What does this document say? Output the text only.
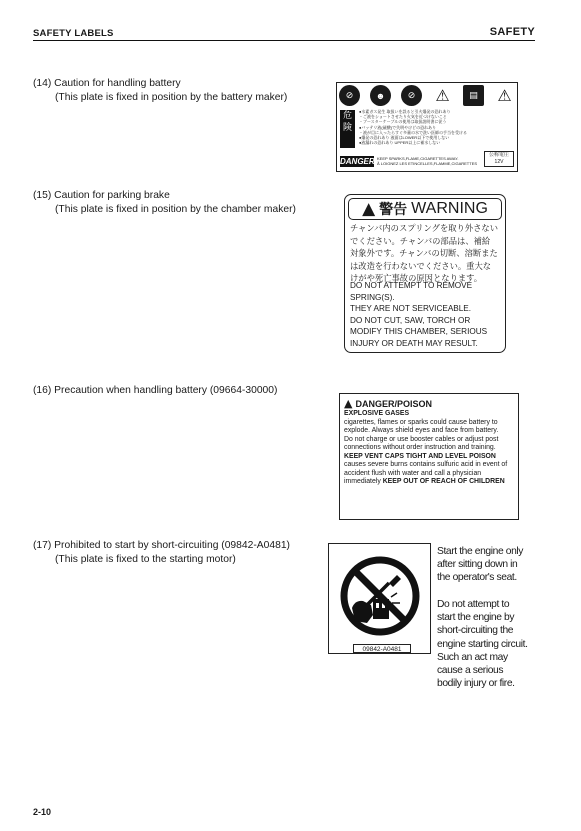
SAFETY LABELS	SAFETY
(14) Caution for handling battery
(This plate is fixed in position by the battery maker)	⊘	☻	⊘	⚠	▤	⚠
危険
●水素ガス発生 取扱いを誤ると引火爆発の恐れあり
・ご液をショートさせたり火気を近づけないこと
・ブースターケーブルの使用は取扱説明書に従う
●バッテリ液(硫酸)で失明やけどの恐れあり
・液が目に入ったらすぐ多量の水で洗い医師の手当を受ける
●爆発の恐れあり 液面はLOWER以下で使用しない
●液漏れの恐れあり UPPER以上に補水しない
DANGER KEEP SPARKS,FLAME,CIGARETTES AWAY.
Ã LOIGNEZ LES ETINCELLES,FLAMME,CIGARETTES
公称電圧
12V
(15) Caution for parking brake
(This plate is fixed in position by the chamber maker)	▲ 警告 WARNING
チャンバ内のスプリングを取り外さない
でください。チャンバの部品は、補給
対象外です。チャンバの切断、溶断また
は改造を行わないでください。重大な
けがや死亡事故の原因となります。
DO NOT ATTEMPT TO REMOVE
SPRING(S).
THEY ARE NOT SERVICEABLE.
DO NOT CUT, SAW, TORCH OR
MODIFY THIS CHAMBER, SERIOUS
INJURY OR DEATH MAY RESULT.
(16) Precaution when handling battery (09664-30000)
▲ DANGER/POISON
EXPLOSIVE GASES
cigarettes, flames or sparks could cause battery to explode. Always shield eyes and face from battery.
Do not charge or use booster cables or adjust post connections without order instruction and training.
KEEP VENT CAPS TIGHT AND LEVEL POISON
causes severe burns contains sulfuric acid in event of accident flush with water and call a physician immediately KEEP OUT OF REACH OF CHILDREN
(17) Prohibited to start by short-circuiting (09842-A0481)
(This plate is fixed to the starting motor)
09842-A0481
Start the engine only
after sitting down in
the operator's seat.
Do not attempt to
start the engine by
short-circuiting the
engine starting circuit.
Such an act may
cause a serious
bodily injury or fire.
2-10
